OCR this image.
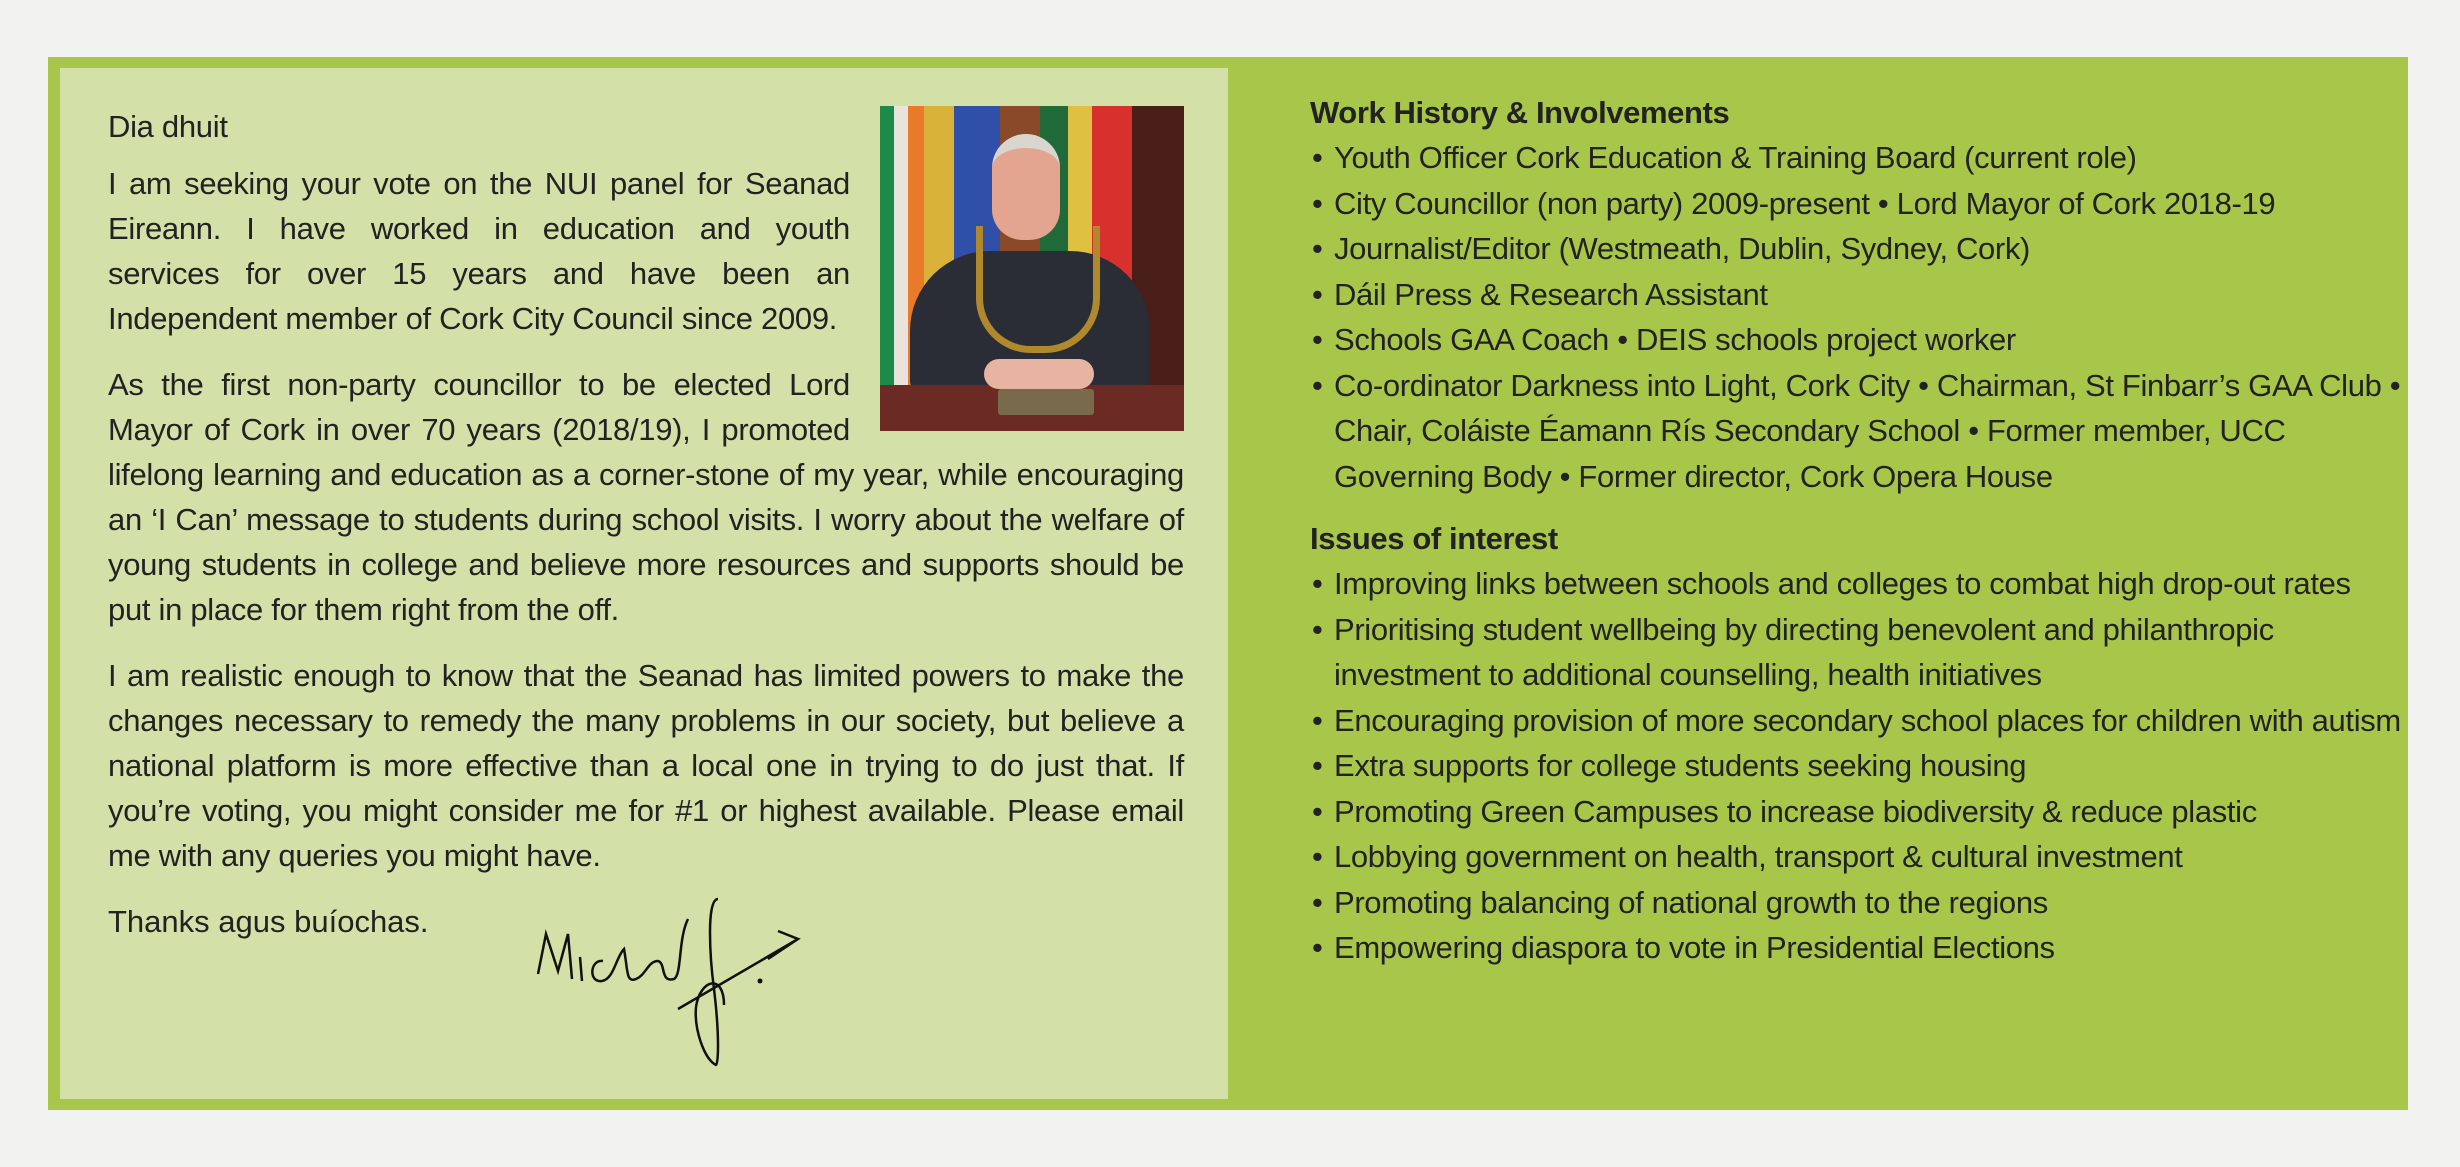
Dia dhuit

I am seeking your vote on the NUI panel for Seanad Eireann. I have worked in education and youth services for over 15 years and have been an Independent member of Cork City Council since 2009.

As the first non-party councillor to be elected Lord Mayor of Cork in over 70 years (2018/19), I promoted lifelong learning and education as a corner-stone of my year, while encouraging an ‘I Can’ message to students during school visits. I worry about the welfare of young students in college and believe more resources and supports should be put in place for them right from the off.

I am realistic enough to know that the Seanad has limited powers to make the changes necessary to remedy the many problems in our society, but believe a national platform is more effective than a local one in trying to do just that. If you’re voting, you might consider me for #1 or highest available. Please email me with any queries you might have.

Thanks agus buíochas.
Work History & Involvements
• Youth Officer Cork Education & Training Board (current role)
• City Councillor (non party) 2009-present • Lord Mayor of Cork 2018-19
• Journalist/Editor (Westmeath, Dublin, Sydney, Cork)
• Dáil Press & Research Assistant
• Schools GAA Coach • DEIS schools project worker
• Co-ordinator Darkness into Light, Cork City • Chairman, St Finbarr’s GAA Club • Chair, Coláiste Éamann Rís Secondary School • Former member, UCC Governing Body • Former director, Cork Opera House
Issues of interest
• Improving links between schools and colleges to combat high drop-out rates
• Prioritising student wellbeing by directing benevolent and philanthropic investment to additional counselling, health initiatives
• Encouraging provision of more secondary school places for children with autism
• Extra supports for college students seeking housing
• Promoting Green Campuses to increase biodiversity & reduce plastic
• Lobbying government on health, transport & cultural investment
• Promoting balancing of national growth to the regions
• Empowering diaspora to vote in Presidential Elections
